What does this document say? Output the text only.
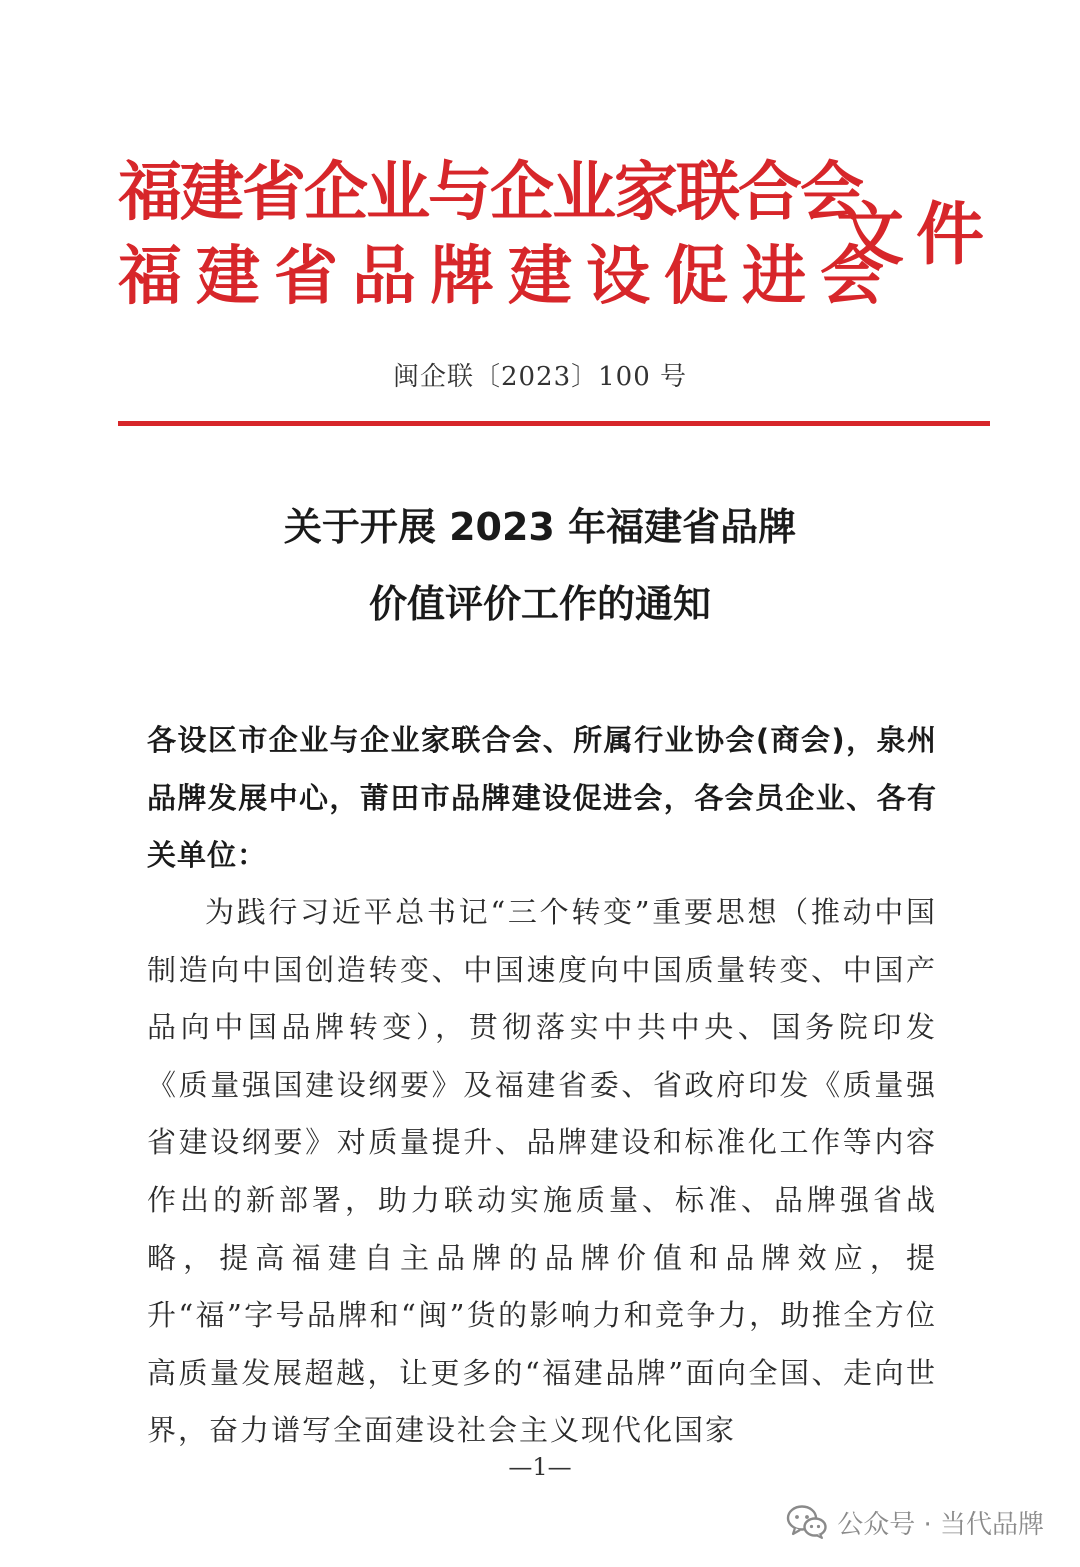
福建省企业与企业家联合会
福建省品牌建设促进会
文件
闽企联〔2023〕100 号
关于开展 2023 年福建省品牌
价值评价工作的通知
各设区市企业与企业家联合会、所属行业协会(商会)，泉州品牌发展中心，莆田市品牌建设促进会，各会员企业、各有关单位：
为践行习近平总书记“三个转变”重要思想（推动中国制造向中国创造转变、中国速度向中国质量转变、中国产品向中国品牌转变），贯彻落实中共中央、国务院印发《质量强国建设纲要》及福建省委、省政府印发《质量强省建设纲要》对质量提升、品牌建设和标准化工作等内容作出的新部署，助力联动实施质量、标准、品牌强省战略，提高福建自主品牌的品牌价值和品牌效应，提升“福”字号品牌和“闽”货的影响力和竞争力，助推全方位高质量发展超越，让更多的“福建品牌”面向全国、走向世界，奋力谱写全面建设社会主义现代化国家
—1—
公众号 · 当代品牌
